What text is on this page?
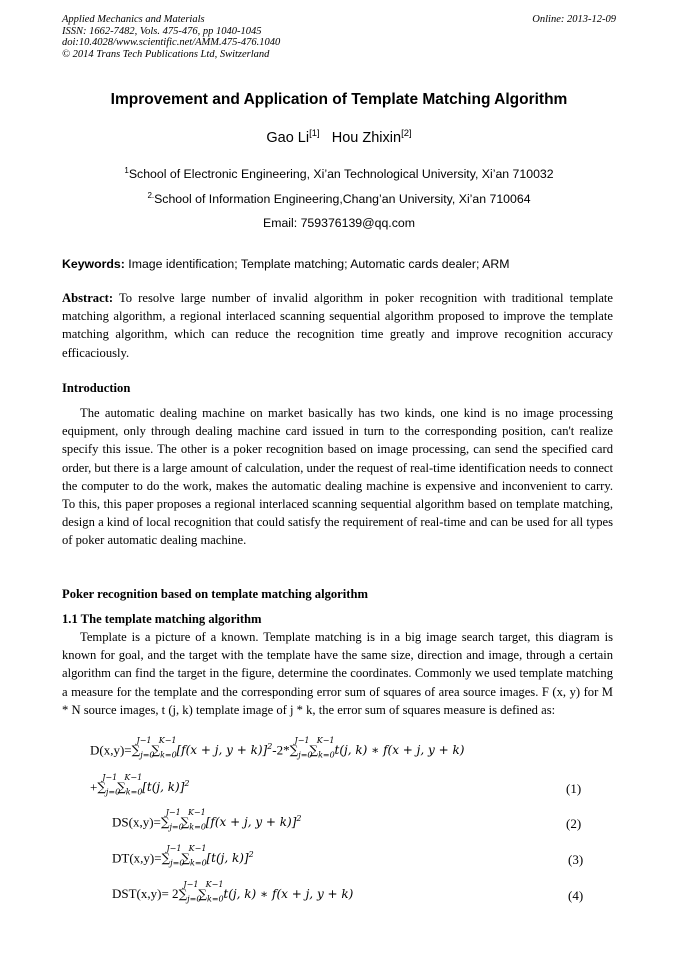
Applied Mechanics and Materials
ISSN: 1662-7482, Vols. 475-476, pp 1040-1045
doi:10.4028/www.scientific.net/AMM.475-476.1040
© 2014 Trans Tech Publications Ltd, Switzerland
Online: 2013-12-09
Improvement and Application of Template Matching Algorithm
Gao Li[1] Hou Zhixin[2]
$^1$School of Electronic Engineering, Xi’an Technological University, Xi’an 710032
$^{2.}$School of Information Engineering,Chang’an University, Xi’an 710064
Email: 759376139@qq.com
Keywords: Image identification; Template matching; Automatic cards dealer; ARM
Abstract: To resolve large number of invalid algorithm in poker recognition with traditional template matching algorithm, a regional interlaced scanning sequential algorithm proposed to improve the template matching algorithm, which can reduce the recognition time greatly and improve recognition accuracy efficaciously.
Introduction
The automatic dealing machine on market basically has two kinds, one kind is no image processing equipment, only through dealing machine card issued in turn to the corresponding position, can't realize specify this issue. The other is a poker recognition based on image processing, can send the specified card order, but there is a large amount of calculation, under the request of real-time identification needs to connect the computer to do the work, makes the automatic dealing machine is expensive and inconvenient to carry. To this, this paper proposes a regional interlaced scanning sequential algorithm based on template matching, design a kind of local recognition that could satisfy the requirement of real-time and can be used for all types of poker automatic dealing machine.
Poker recognition based on template matching algorithm
1.1 The template matching algorithm
Template is a picture of a known. Template matching is in a big image search target, this diagram is known for goal, and the target with the template have the same size, direction and image, through a certain algorithm can find the target in the figure, determine the coordinates. Commonly we used template matching a measure for the template and the corresponding error sum of squares of area source images. F (x, y) for M * N source images, t (j, k) template image of j * k, the error sum of squares measure is defined as:
$D(x,y)=\sum_{j=0}^{J-1}\sum_{k=0}^{K-1}[f(x + j$, $y + k)]^2-2*\sum_{j=0}^{J-1}\sum_{k=0}^{K-1}t(j$, k) ∗ f(x + j, y + k)
$+\sum_{j=0}^{J-1}\sum_{k=0}^{K-1}[t(j$, k)]$^2$	(1)
$DS(x,y)=\sum_{j=0}^{J-1}\sum_{k=0}^{K-1}[f(x + j$, y + k)]$^2$	(2)
$DT(x,y)=\sum_{j=0}^{J-1}\sum_{k=0}^{K-1}[t(j$, k)]$^2$	(3)
$DST(x,y)= 2\sum_{j=0}^{J-1}\sum_{k=0}^{K-1}t(j$, k) ∗ f(x + j, y + k)	(4)
